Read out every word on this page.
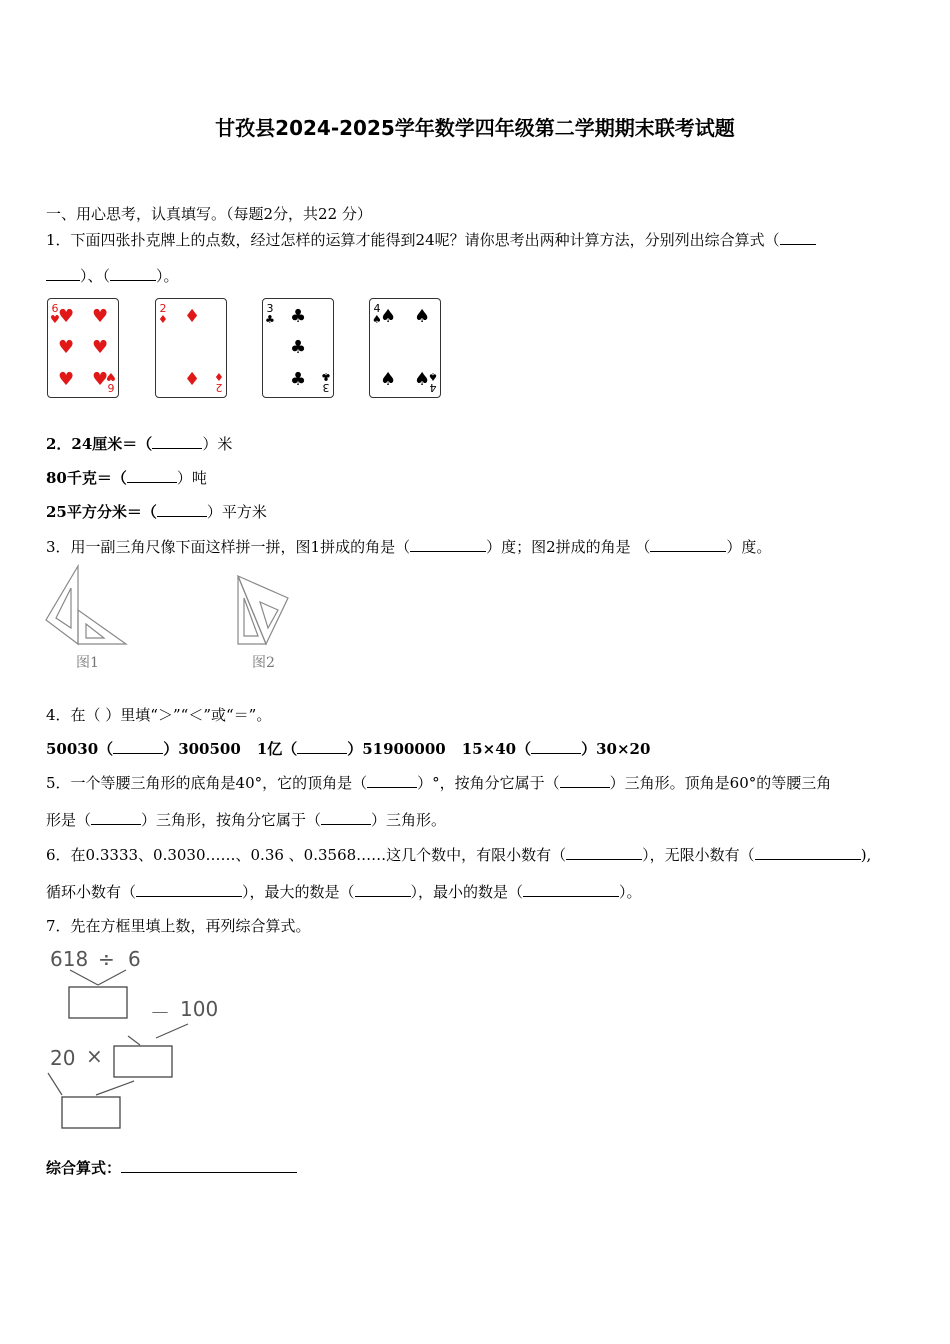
甘孜县2024-2025学年数学四年级第二学期期末联考试题
一、用心思考，认真填写。（每题2分，共22 分）
1．下面四张扑克牌上的点数，经过怎样的运算才能得到24呢？请你思考出两种计算方法，分别列出综合算式（
）、（	）。
6
♥
♥ ♥
♥ ♥
♥ ♥ 6
♥
2
♦ ♦
♦ 2
♦
3
♣ ♣
♣
♣ 3
♣
4
♠
♠ ♠
♠ ♠ 4
♠
2．24厘米＝（	）米
80千克＝（	）吨
25平方分米＝（	）平方米
3．用一副三角尺像下面这样拼一拼，图1拼成的角是（	）度；图2拼成的角是 （	）度。
图1	图2
4．在（ ）里填“＞”“＜”或“＝”。
50030（	）300500 1亿（	）51900000 15×40（	）30×20
5．一个等腰三角形的底角是40°，它的顶角是（	）°，按角分它属于（	）三角形。顶角是60°的等腰三角
形是（	）三角形，按角分它属于（	）三角形。
6．在0.3333、0.3030……、0.36 、0.3568……这几个数中，有限小数有（	），无限小数有（	),
循环小数有（	），最大的数是（	），最小的数是（	）。
7．先在方框里填上数，再列综合算式。
618 ÷ 6
－ 100
20 ×
综合算式：
